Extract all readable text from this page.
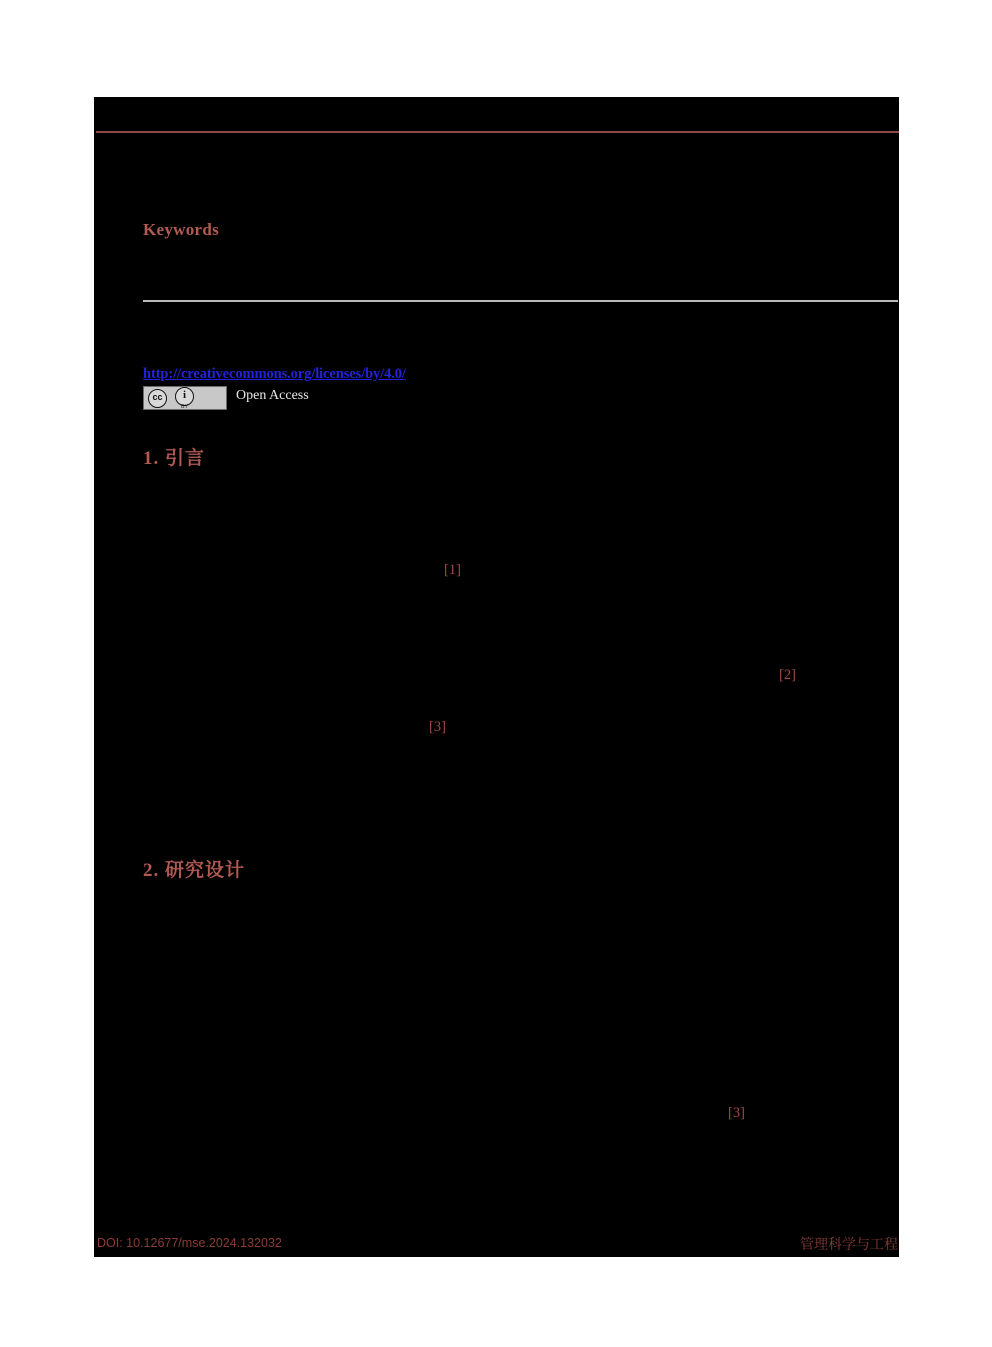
Keywords
http://creativecommons.org/licenses/by/4.0/
cc	i
BY
Open Access
1. 引言
2. 研究设计
[1]
[2]
[3]
[3]
DOI: 10.12677/mse.2024.132032	管理科学与工程
